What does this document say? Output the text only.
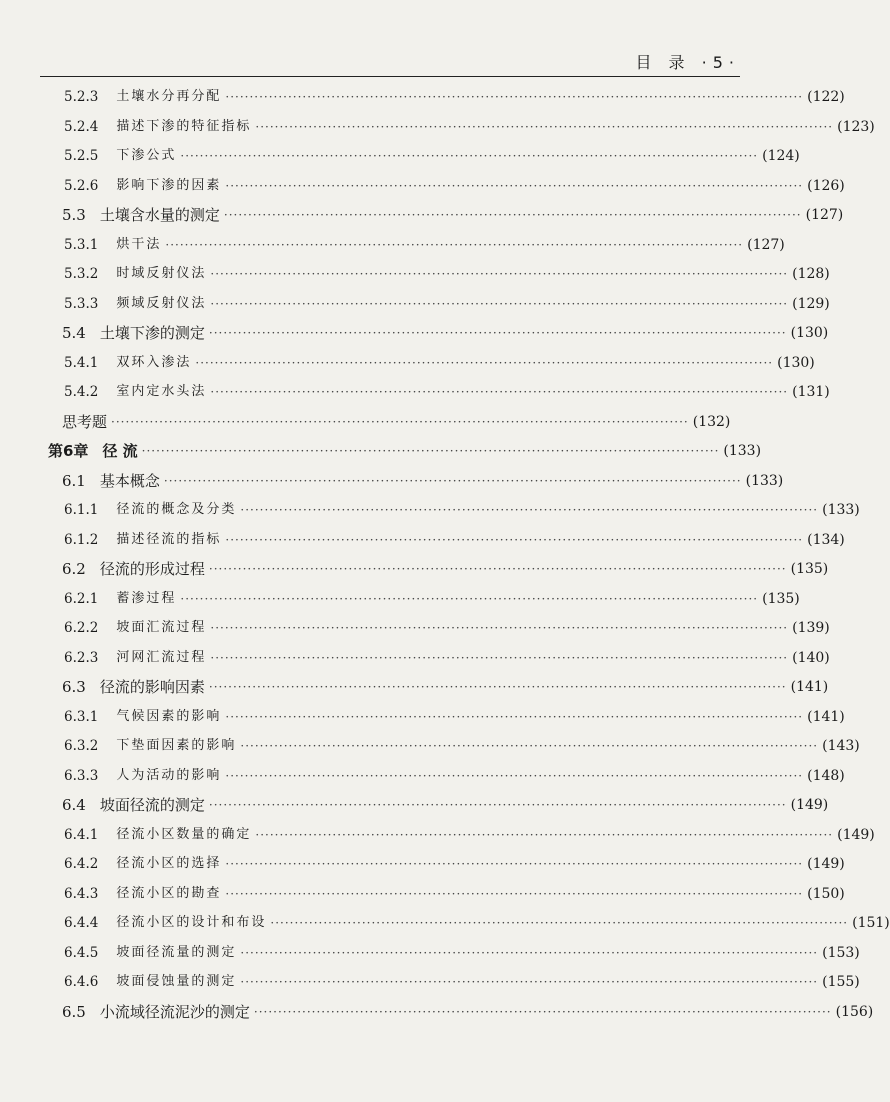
目 录 ·5·
5.2.3 土壤水分再分配 ························································································································ (122)
5.2.4 描述下渗的特征指标 ························································································································ (123)
5.2.5 下渗公式 ························································································································ (124)
5.2.6 影响下渗的因素 ························································································································ (126)
5.3 土壤含水量的测定 ························································································································ (127)
5.3.1 烘干法 ························································································································ (127)
5.3.2 时域反射仪法 ························································································································ (128)
5.3.3 频域反射仪法 ························································································································ (129)
5.4 土壤下渗的测定 ························································································································ (130)
5.4.1 双环入渗法 ························································································································ (130)
5.4.2 室内定水头法 ························································································································ (131)
思考题 ························································································································ (132)
第6章 径 流 ························································································································ (133)
6.1 基本概念 ························································································································ (133)
6.1.1 径流的概念及分类 ························································································································ (133)
6.1.2 描述径流的指标 ························································································································ (134)
6.2 径流的形成过程 ························································································································ (135)
6.2.1 蓄渗过程 ························································································································ (135)
6.2.2 坡面汇流过程 ························································································································ (139)
6.2.3 河网汇流过程 ························································································································ (140)
6.3 径流的影响因素 ························································································································ (141)
6.3.1 气候因素的影响 ························································································································ (141)
6.3.2 下垫面因素的影响 ························································································································ (143)
6.3.3 人为活动的影响 ························································································································ (148)
6.4 坡面径流的测定 ························································································································ (149)
6.4.1 径流小区数量的确定 ························································································································ (149)
6.4.2 径流小区的选择 ························································································································ (149)
6.4.3 径流小区的勘查 ························································································································ (150)
6.4.4 径流小区的设计和布设 ························································································································ (151)
6.4.5 坡面径流量的测定 ························································································································ (153)
6.4.6 坡面侵蚀量的测定 ························································································································ (155)
6.5 小流域径流泥沙的测定 ························································································································ (156)
